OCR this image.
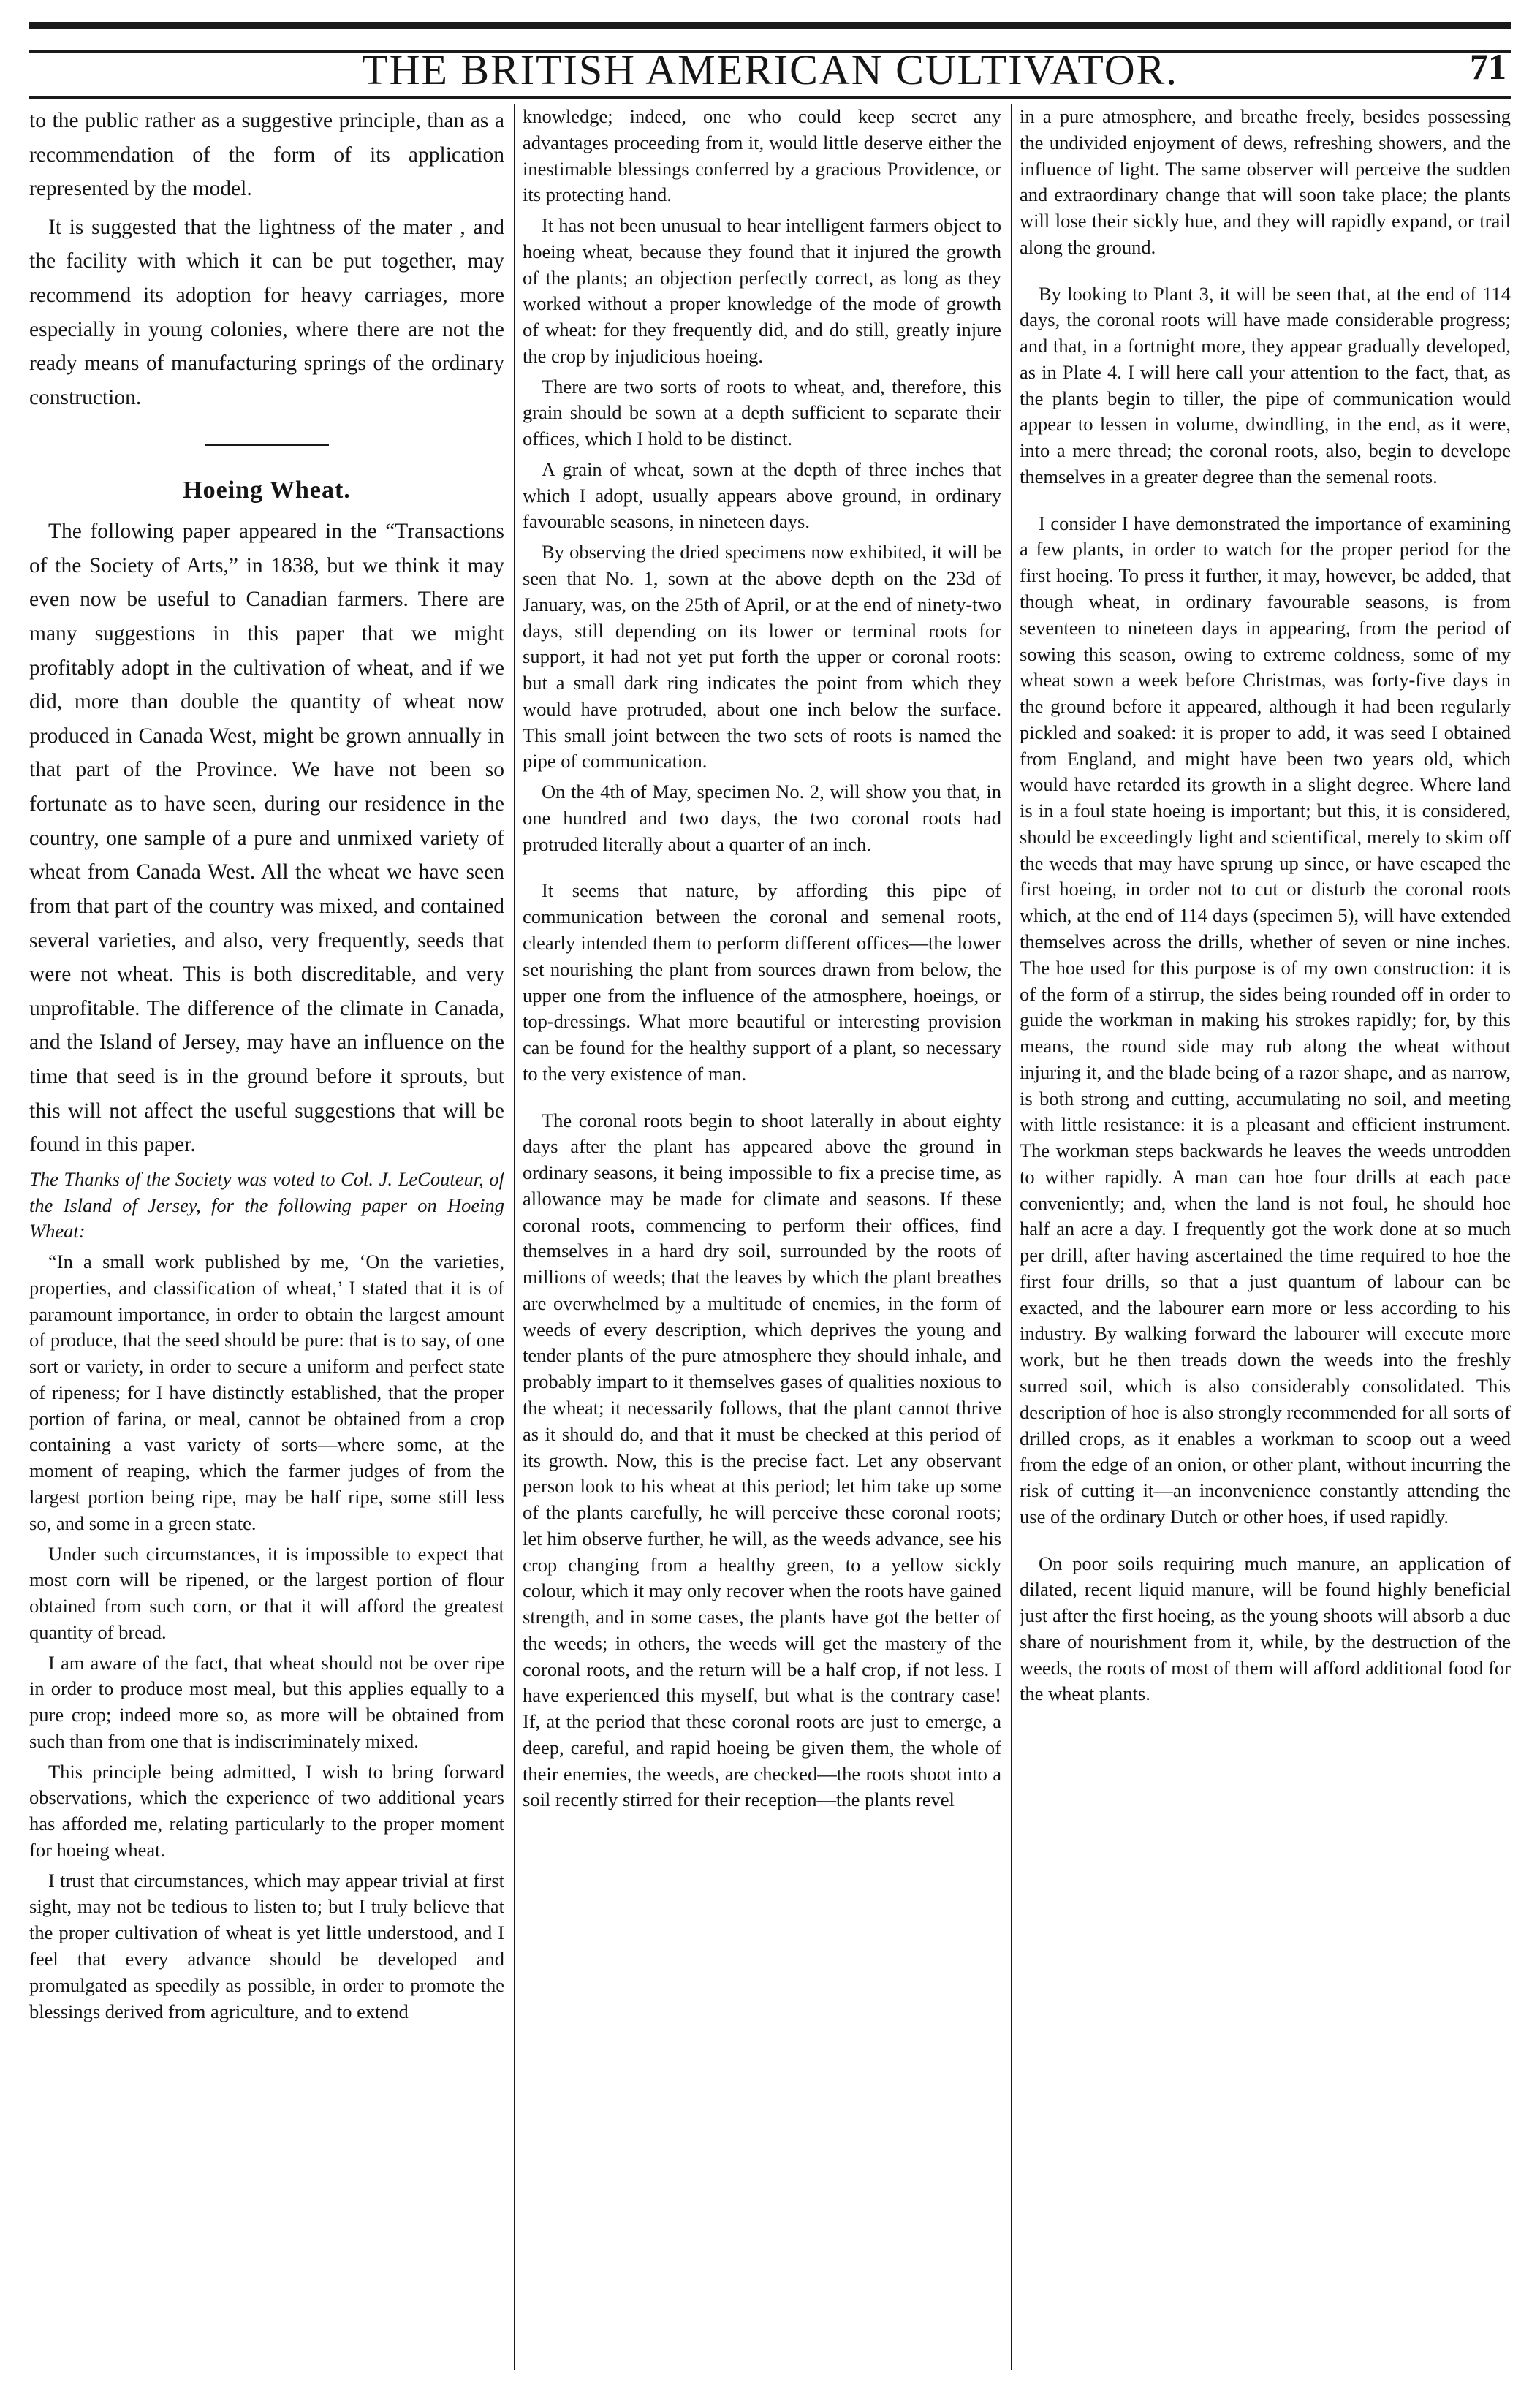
THE BRITISH AMERICAN CULTIVATOR.	71

to the public rather as a suggestive principle, than as a recommendation of the form of its application represented by the model.

It is suggested that the lightness of the mater , and the facility with which it can be put together, may recommend its adoption for heavy carriages, more especially in young colonies, where there are not the ready means of manufacturing springs of the ordinary construction.

Hoeing Wheat.

The following paper appeared in the “Transactions of the Society of Arts,” in 1838, but we think it may even now be useful to Canadian farmers. There are many suggestions in this paper that we might profitably adopt in the cultivation of wheat, and if we did, more than double the quantity of wheat now produced in Canada West, might be grown annually in that part of the Province. We have not been so fortunate as to have seen, during our residence in the country, one sample of a pure and unmixed variety of wheat from Canada West. All the wheat we have seen from that part of the country was mixed, and contained several varieties, and also, very frequently, seeds that were not wheat. This is both discreditable, and very unprofitable. The difference of the climate in Canada, and the Island of Jersey, may have an influence on the time that seed is in the ground before it sprouts, but this will not affect the useful suggestions that will be found in this paper.

The Thanks of the Society was voted to Col. J. LeCouteur, of the Island of Jersey, for the following paper on Hoeing Wheat:

“In a small work published by me, ‘On the varieties, properties, and classification of wheat,’ I stated that it is of paramount importance, in order to obtain the largest amount of produce, that the seed should be pure: that is to say, of one sort or variety, in order to secure a uniform and perfect state of ripeness; for I have distinctly established, that the proper portion of farina, or meal, cannot be obtained from a crop containing a vast variety of sorts—where some, at the moment of reaping, which the farmer judges of from the largest portion being ripe, may be half ripe, some still less so, and some in a green state.

Under such circumstances, it is impossible to expect that most corn will be ripened, or the largest portion of flour obtained from such corn, or that it will afford the greatest quantity of bread.

I am aware of the fact, that wheat should not be over ripe in order to produce most meal, but this applies equally to a pure crop; indeed more so, as more will be obtained from such than from one that is indiscriminately mixed.

This principle being admitted, I wish to bring forward observations, which the experience of two additional years has afforded me, relating particularly to the proper moment for hoeing wheat.

I trust that circumstances, which may appear trivial at first sight, may not be tedious to listen to; but I truly believe that the proper cultivation of wheat is yet little understood, and I feel that every advance should be developed and promulgated as speedily as possible, in order to promote the blessings derived from agriculture, and to extend

knowledge; indeed, one who could keep secret any advantages proceeding from it, would little deserve either the inestimable blessings conferred by a gracious Providence, or its protecting hand.

It has not been unusual to hear intelligent farmers object to hoeing wheat, because they found that it injured the growth of the plants; an objection perfectly correct, as long as they worked without a proper knowledge of the mode of growth of wheat: for they frequently did, and do still, greatly injure the crop by injudicious hoeing.

There are two sorts of roots to wheat, and, therefore, this grain should be sown at a depth sufficient to separate their offices, which I hold to be distinct.

A grain of wheat, sown at the depth of three inches that which I adopt, usually appears above ground, in ordinary favourable seasons, in nineteen days.

By observing the dried specimens now exhibited, it will be seen that No. 1, sown at the above depth on the 23d of January, was, on the 25th of April, or at the end of ninety-two days, still depending on its lower or terminal roots for support, it had not yet put forth the upper or coronal roots: but a small dark ring indicates the point from which they would have protruded, about one inch below the surface. This small joint between the two sets of roots is named the pipe of communication.

On the 4th of May, specimen No. 2, will show you that, in one hundred and two days, the two coronal roots had protruded literally about a quarter of an inch.

It seems that nature, by affording this pipe of communication between the coronal and semenal roots, clearly intended them to perform different offices—the lower set nourishing the plant from sources drawn from below, the upper one from the influence of the atmosphere, hoeings, or top-dressings. What more beautiful or interesting provision can be found for the healthy support of a plant, so necessary to the very existence of man.

The coronal roots begin to shoot laterally in about eighty days after the plant has appeared above the ground in ordinary seasons, it being impossible to fix a precise time, as allowance may be made for climate and seasons. If these coronal roots, commencing to perform their offices, find themselves in a hard dry soil, surrounded by the roots of millions of weeds; that the leaves by which the plant breathes are overwhelmed by a multitude of enemies, in the form of weeds of every description, which deprives the young and tender plants of the pure atmosphere they should inhale, and probably impart to it themselves gases of qualities noxious to the wheat; it necessarily follows, that the plant cannot thrive as it should do, and that it must be checked at this period of its growth. Now, this is the precise fact. Let any observant person look to his wheat at this period; let him take up some of the plants carefully, he will perceive these coronal roots; let him observe further, he will, as the weeds advance, see his crop changing from a healthy green, to a yellow sickly colour, which it may only recover when the roots have gained strength, and in some cases, the plants have got the better of the weeds; in others, the weeds will get the mastery of the coronal roots, and the return will be a half crop, if not less. I have experienced this myself, but what is the contrary case! If, at the period that these coronal roots are just to emerge, a deep, careful, and rapid hoeing be given them, the whole of their enemies, the weeds, are checked—the roots shoot into a soil recently stirred for their reception—the plants revel

in a pure atmosphere, and breathe freely, besides possessing the undivided enjoyment of dews, refreshing showers, and the influence of light. The same observer will perceive the sudden and extraordinary change that will soon take place; the plants will lose their sickly hue, and they will rapidly expand, or trail along the ground.

By looking to Plant 3, it will be seen that, at the end of 114 days, the coronal roots will have made considerable progress; and that, in a fortnight more, they appear gradually developed, as in Plate 4. I will here call your attention to the fact, that, as the plants begin to tiller, the pipe of communication would appear to lessen in volume, dwindling, in the end, as it were, into a mere thread; the coronal roots, also, begin to develope themselves in a greater degree than the semenal roots.

I consider I have demonstrated the importance of examining a few plants, in order to watch for the proper period for the first hoeing. To press it further, it may, however, be added, that though wheat, in ordinary favourable seasons, is from seventeen to nineteen days in appearing, from the period of sowing this season, owing to extreme coldness, some of my wheat sown a week before Christmas, was forty-five days in the ground before it appeared, although it had been regularly pickled and soaked: it is proper to add, it was seed I obtained from England, and might have been two years old, which would have retarded its growth in a slight degree. Where land is in a foul state hoeing is important; but this, it is considered, should be exceedingly light and scientifical, merely to skim off the weeds that may have sprung up since, or have escaped the first hoeing, in order not to cut or disturb the coronal roots which, at the end of 114 days (specimen 5), will have extended themselves across the drills, whether of seven or nine inches. The hoe used for this purpose is of my own construction: it is of the form of a stirrup, the sides being rounded off in order to guide the workman in making his strokes rapidly; for, by this means, the round side may rub along the wheat without injuring it, and the blade being of a razor shape, and as narrow, is both strong and cutting, accumulating no soil, and meeting with little resistance: it is a pleasant and efficient instrument. The workman steps backwards he leaves the weeds untrodden to wither rapidly. A man can hoe four drills at each pace conveniently; and, when the land is not foul, he should hoe half an acre a day. I frequently got the work done at so much per drill, after having ascertained the time required to hoe the first four drills, so that a just quantum of labour can be exacted, and the labourer earn more or less according to his industry. By walking forward the labourer will execute more work, but he then treads down the weeds into the freshly surred soil, which is also considerably consolidated. This description of hoe is also strongly recommended for all sorts of drilled crops, as it enables a workman to scoop out a weed from the edge of an onion, or other plant, without incurring the risk of cutting it—an inconvenience constantly attending the use of the ordinary Dutch or other hoes, if used rapidly.

On poor soils requiring much manure, an application of dilated, recent liquid manure, will be found highly beneficial just after the first hoeing, as the young shoots will absorb a due share of nourishment from it, while, by the destruction of the weeds, the roots of most of them will afford additional food for the wheat plants.
